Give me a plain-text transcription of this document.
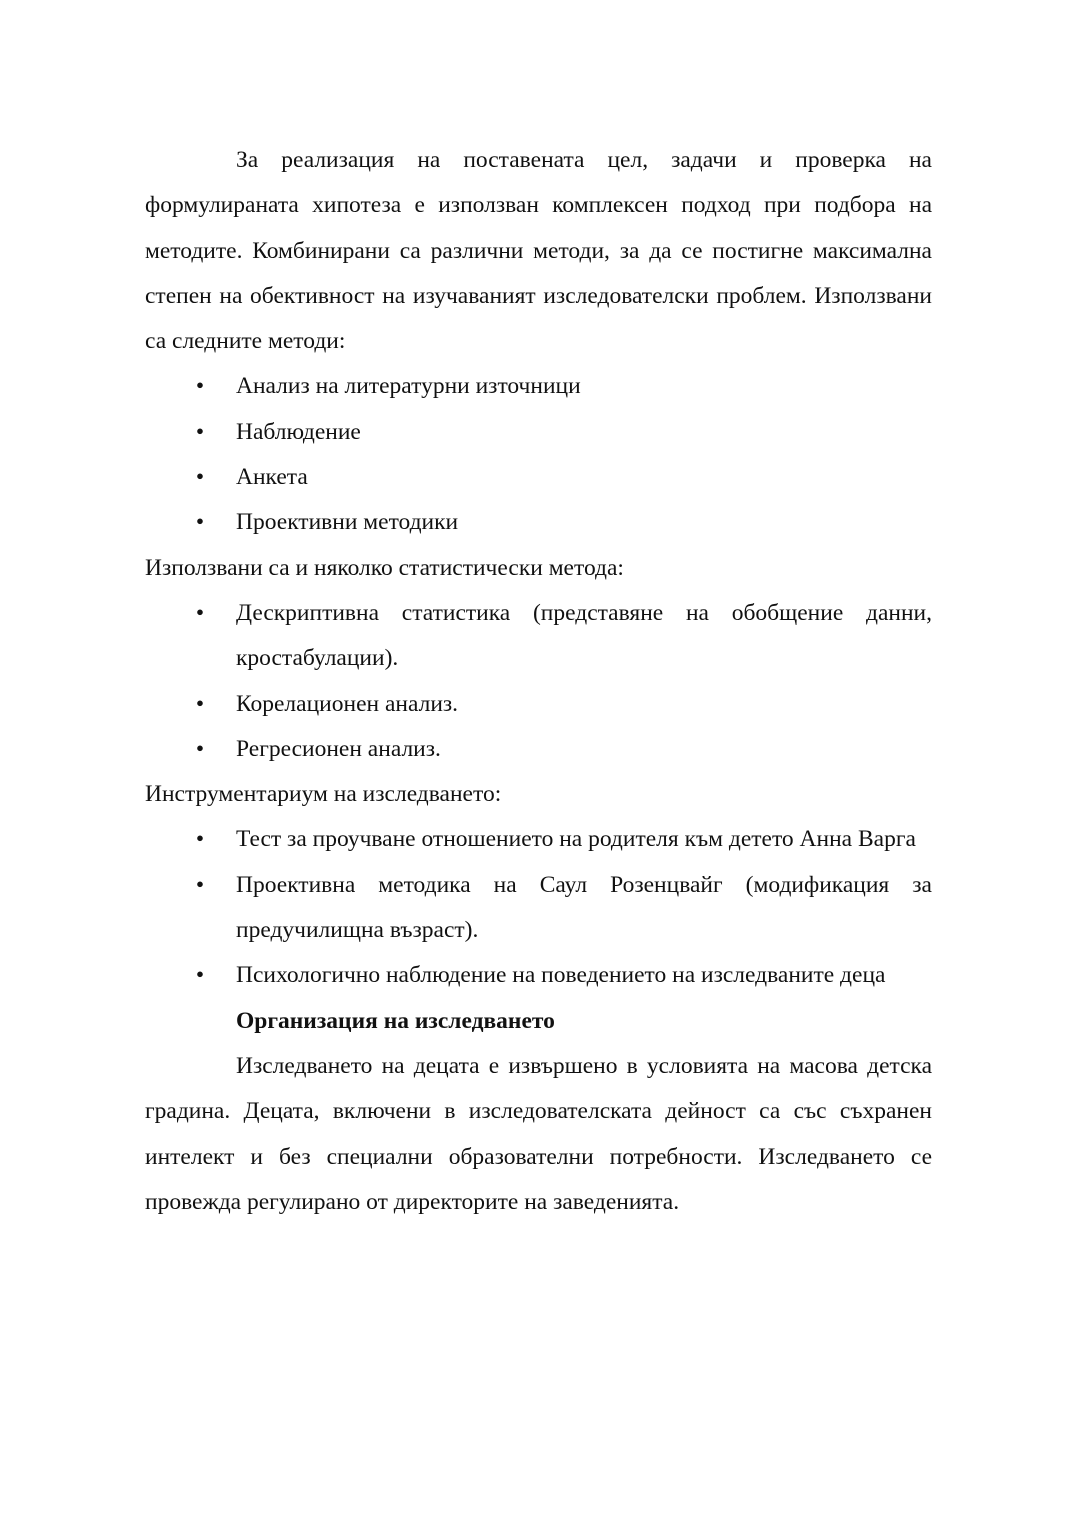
За реализация на поставената цел, задачи и проверка на формулираната хипотеза е използван комплексен подход при подбора на методите. Комбинирани са различни методи, за да се постигне максимална степен на обективност на изучаваният изследователски проблем. Използвани са следните методи:

• Анализ на литературни източници
• Наблюдение
• Анкета
• Проективни методики

Използвани са и няколко статистически метода:

• Дескриптивна статистика (представяне на обобщение данни, кростабулации).
• Корелационен анализ.
• Регресионен анализ.

Инструментариум на изследването:

• Тест за проучване отношението на родителя към детето Анна Варга
• Проективна методика на Саул Розенцвайг (модификация за предучилищна възраст).
• Психологично наблюдение на поведението на изследваните деца

Организация на изследването

Изследването на децата е извършено в условията на масова детска градина. Децата, включени в изследователската дейност са със съхранен интелект и без специални образователни потребности. Изследването се провежда регулирано от директорите на заведенията.
